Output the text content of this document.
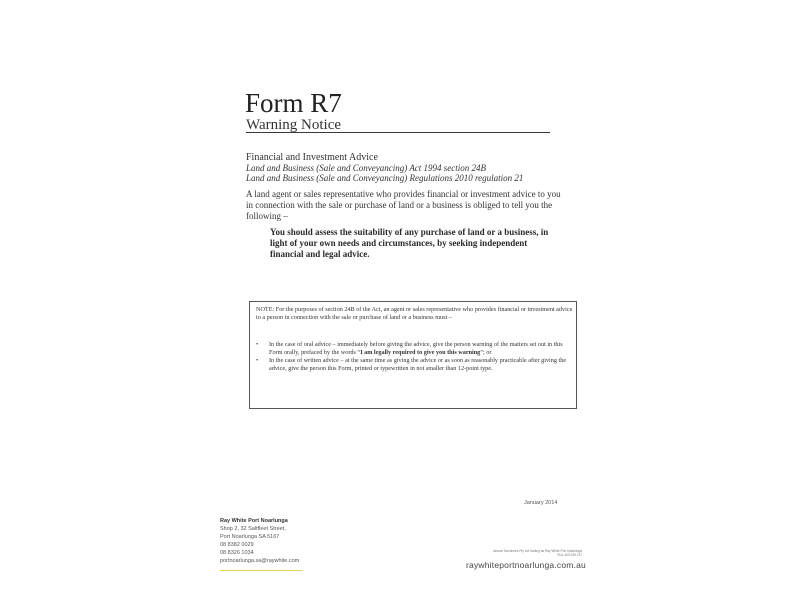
Form R7
Warning Notice
Financial and Investment Advice
Land and Business (Sale and Conveyancing) Act 1994 section 24B
Land and Business (Sale and Conveyancing) Regulations 2010 regulation 21
A land agent or sales representative who provides financial or investment advice to you in connection with the sale or purchase of land or a business is obliged to tell you the following –
You should assess the suitability of any purchase of land or a business, in light of your own needs and circumstances, by seeking independent financial and legal advice.
NOTE: For the purposes of section 24B of the Act, an agent or sales representative who provides financial or investment advice to a person in connection with the sale or purchase of land or a business must –
•	In the case of oral advice – immediately before giving the advice, give the person warning of the matters set out in this Form orally, prefaced by the words “I am legally required to give you this warning”; or
•	In the case of written advice – at the same time as giving the advice or as soon as reasonably practicable after giving the advice, give the person this Form, printed or typewritten in not smaller than 12-point type.
January 2014
Ray White Port Noarlunga
Shop 2, 32 Saltfleet Street,
Port Noarlunga SA 5167
08 8382 0029
08 8326 1034
portnoarlunga.sa@raywhite.com
Janson Nominees Pty Ltd trading as Ray White Port Noarlunga
RLA 163 249 137
raywhiteportnoarlunga.com.au
